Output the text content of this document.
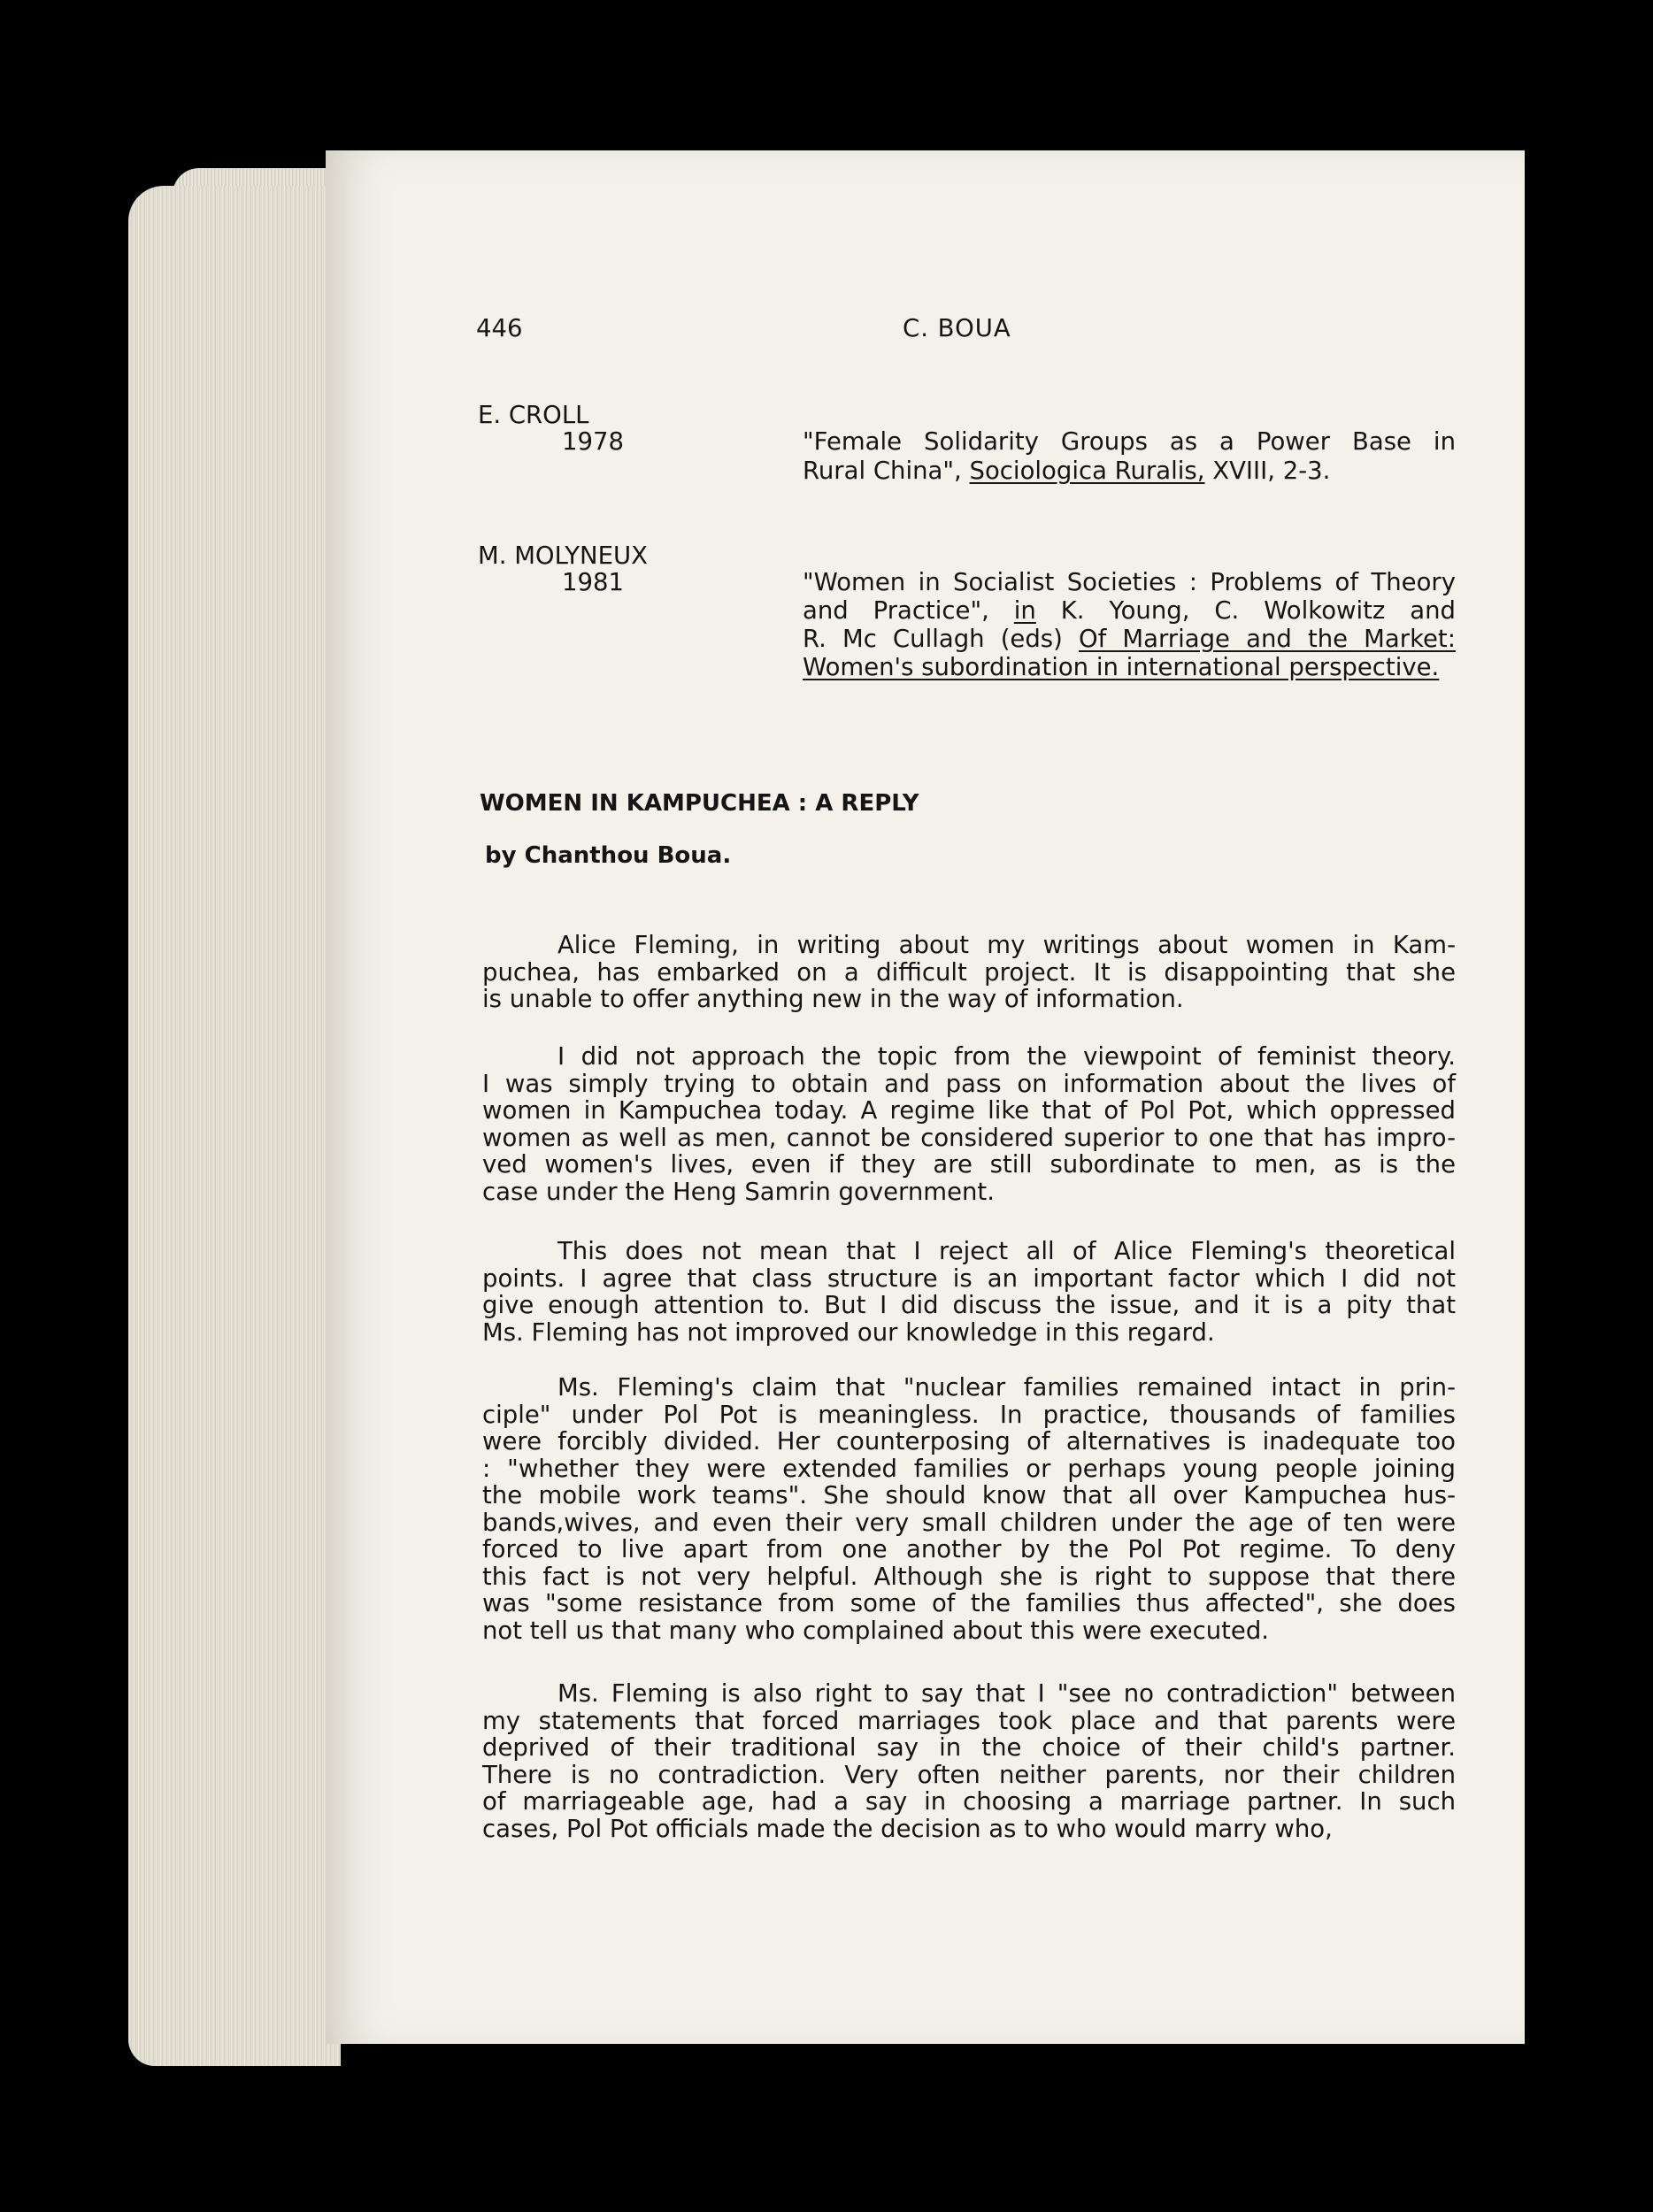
446	C. BOUA
E. CROLL
1978	"Female Solidarity Groups as a Power Base in
Rural China", Sociologica Ruralis, XVIII, 2-3.
M. MOLYNEUX
1981	"Women in Socialist Societies : Problems of Theory
and Practice", in K. Young, C. Wolkowitz and
R. Mc Cullagh (eds) Of Marriage and the Market:
Women's subordination in international perspective.
WOMEN IN KAMPUCHEA : A REPLY
by Chanthou Boua.
Alice Fleming, in writing about my writings about women in Kam-
puchea, has embarked on a difficult project. It is disappointing that she
is unable to offer anything new in the way of information.
I did not approach the topic from the viewpoint of feminist theory.
I was simply trying to obtain and pass on information about the lives of
women in Kampuchea today. A regime like that of Pol Pot, which oppressed
women as well as men, cannot be considered superior to one that has impro-
ved women's lives, even if they are still subordinate to men, as is the
case under the Heng Samrin government.
This does not mean that I reject all of Alice Fleming's theoretical
points. I agree that class structure is an important factor which I did not
give enough attention to. But I did discuss the issue, and it is a pity that
Ms. Fleming has not improved our knowledge in this regard.
Ms. Fleming's claim that "nuclear families remained intact in prin-
ciple" under Pol Pot is meaningless. In practice, thousands of families
were forcibly divided. Her counterposing of alternatives is inadequate too
: "whether they were extended families or perhaps young people joining
the mobile work teams". She should know that all over Kampuchea hus-
bands,wives, and even their very small children under the age of ten were
forced to live apart from one another by the Pol Pot regime. To deny
this fact is not very helpful. Although she is right to suppose that there
was "some resistance from some of the families thus affected", she does
not tell us that many who complained about this were executed.
Ms. Fleming is also right to say that I "see no contradiction" between
my statements that forced marriages took place and that parents were
deprived of their traditional say in the choice of their child's partner.
There is no contradiction. Very often neither parents, nor their children
of marriageable age, had a say in choosing a marriage partner. In such
cases, Pol Pot officials made the decision as to who would marry who,
